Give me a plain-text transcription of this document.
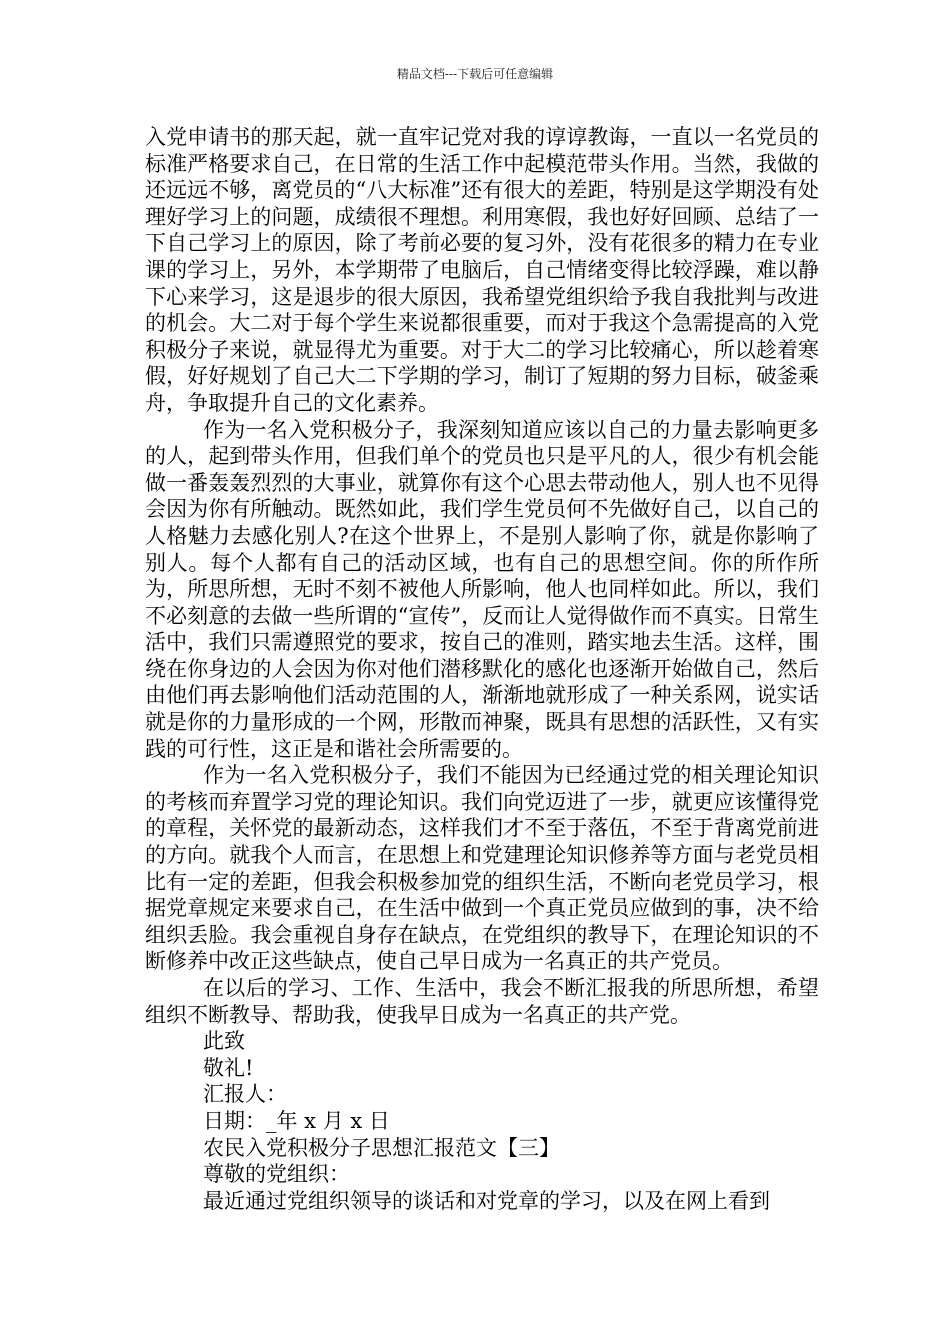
精品文档---下载后可任意编辑

入党申请书的那天起，就一直牢记党对我的谆谆教诲，一直以一名党员的标准严格要求自己，在日常的生活工作中起模范带头作用。当然，我做的还远远不够，离党员的“八大标准”还有很大的差距，特别是这学期没有处理好学习上的问题，成绩很不理想。利用寒假，我也好好回顾、总结了一下自己学习上的原因，除了考前必要的复习外，没有花很多的精力在专业课的学习上，另外，本学期带了电脑后，自己情绪变得比较浮躁，难以静下心来学习，这是退步的很大原因，我希望党组织给予我自我批判与改进的机会。大二对于每个学生来说都很重要，而对于我这个急需提高的入党积极分子来说，就显得尤为重要。对于大二的学习比较痛心，所以趁着寒假，好好规划了自己大二下学期的学习，制订了短期的努力目标，破釜乘舟，争取提升自己的文化素养。

作为一名入党积极分子，我深刻知道应该以自己的力量去影响更多的人，起到带头作用，但我们单个的党员也只是平凡的人，很少有机会能做一番轰轰烈烈的大事业，就算你有这个心思去带动他人，别人也不见得会因为你有所触动。既然如此，我们学生党员何不先做好自己，以自己的人格魅力去感化别人?在这个世界上，不是别人影响了你，就是你影响了别人。每个人都有自己的活动区域，也有自己的思想空间。你的所作所为，所思所想，无时不刻不被他人所影响，他人也同样如此。所以，我们不必刻意的去做一些所谓的“宣传”，反而让人觉得做作而不真实。日常生活中，我们只需遵照党的要求，按自己的准则，踏实地去生活。这样，围绕在你身边的人会因为你对他们潜移默化的感化也逐渐开始做自己，然后由他们再去影响他们活动范围的人，渐渐地就形成了一种关系网，说实话就是你的力量形成的一个网，形散而神聚，既具有思想的活跃性，又有实践的可行性，这正是和谐社会所需要的。

作为一名入党积极分子，我们不能因为已经通过党的相关理论知识的考核而弃置学习党的理论知识。我们向党迈进了一步，就更应该懂得党的章程，关怀党的最新动态，这样我们才不至于落伍，不至于背离党前进的方向。就我个人而言，在思想上和党建理论知识修养等方面与老党员相比有一定的差距，但我会积极参加党的组织生活，不断向老党员学习，根据党章规定来要求自己，在生活中做到一个真正党员应做到的事，决不给组织丢脸。我会重视自身存在缺点，在党组织的教导下，在理论知识的不断修养中改正这些缺点，使自己早日成为一名真正的共产党员。

在以后的学习、工作、生活中，我会不断汇报我的所思所想，希望组织不断教导、帮助我，使我早日成为一名真正的共产党。

此致

敬礼!

汇报人：

日期：_年 x 月 x 日

农民入党积极分子思想汇报范文【三】

尊敬的党组织：

最近通过党组织领导的谈话和对党章的学习，以及在网上看到
